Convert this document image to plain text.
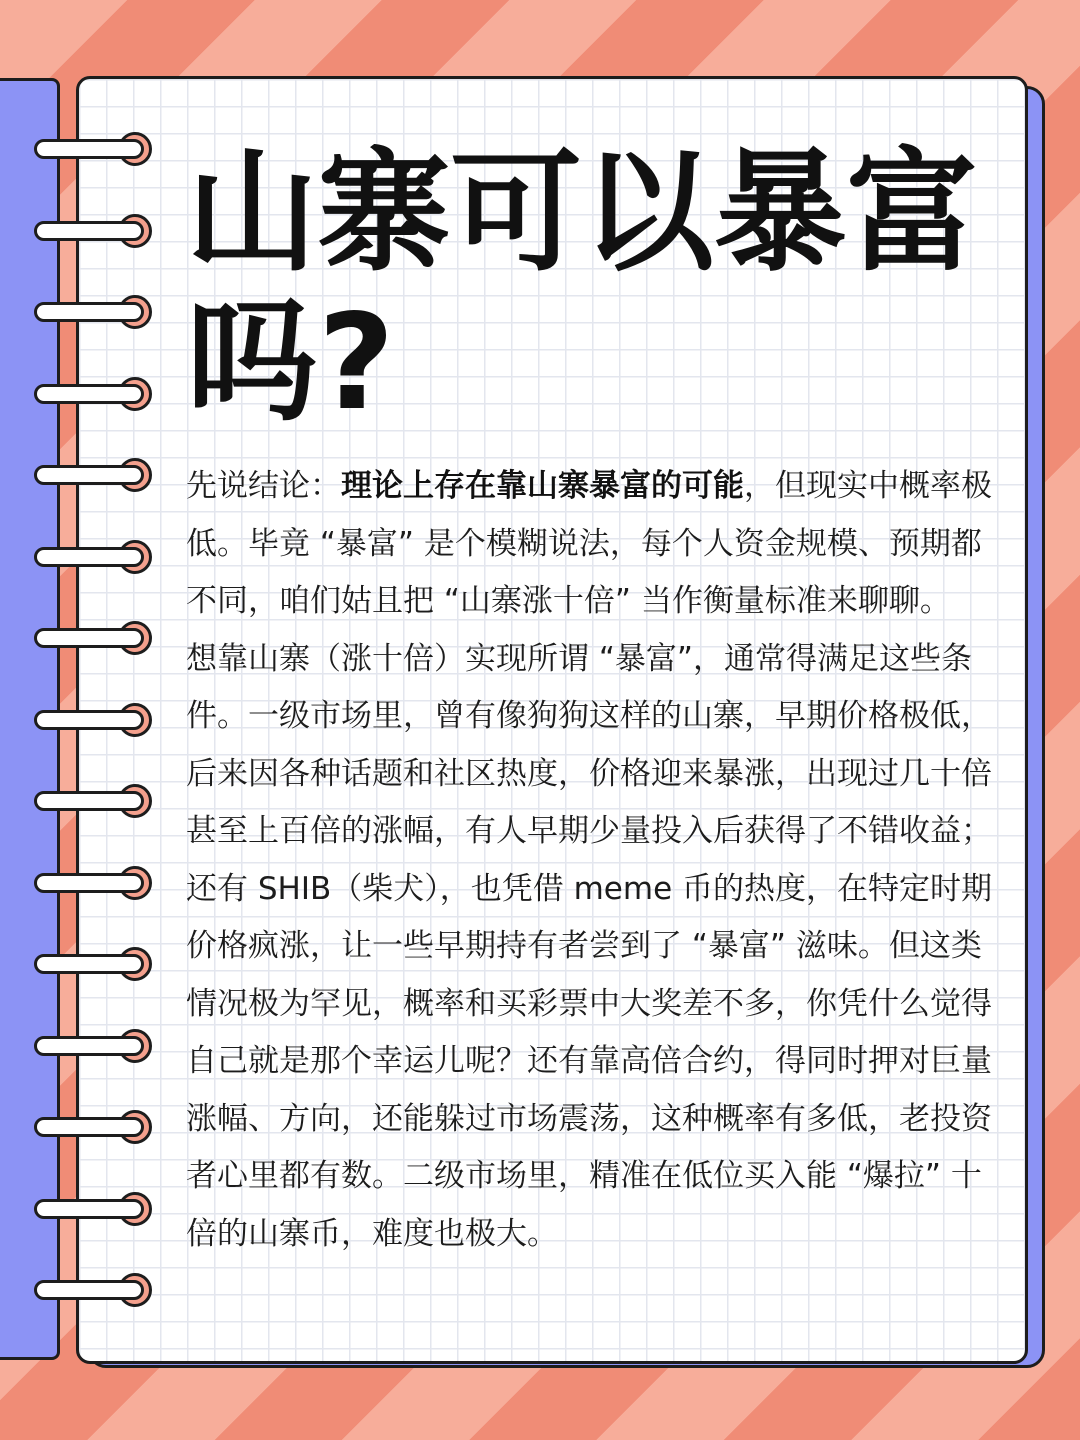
山寨可以暴富吗?

先说结论：理论上存在靠山寨暴富的可能，但现实中概率极低。毕竟 “暴富” 是个模糊说法，每个人资金规模、预期都不同，咱们姑且把 “山寨涨十倍” 当作衡量标准来聊聊。

想靠山寨（涨十倍）实现所谓 “暴富”，通常得满足这些条件。一级市场里，曾有像狗狗这样的山寨，早期价格极低，后来因各种话题和社区热度，价格迎来暴涨，出现过几十倍甚至上百倍的涨幅，有人早期少量投入后获得了不错收益；还有 SHIB（柴犬），也凭借 meme 币的热度，在特定时期价格疯涨，让一些早期持有者尝到了 “暴富” 滋味。但这类情况极为罕见，概率和买彩票中大奖差不多，你凭什么觉得自己就是那个幸运儿呢？还有靠高倍合约，得同时押对巨量涨幅、方向，还能躲过市场震荡，这种概率有多低，老投资者心里都有数。二级市场里，精准在低位买入能 “爆拉” 十倍的山寨币，难度也极大。
